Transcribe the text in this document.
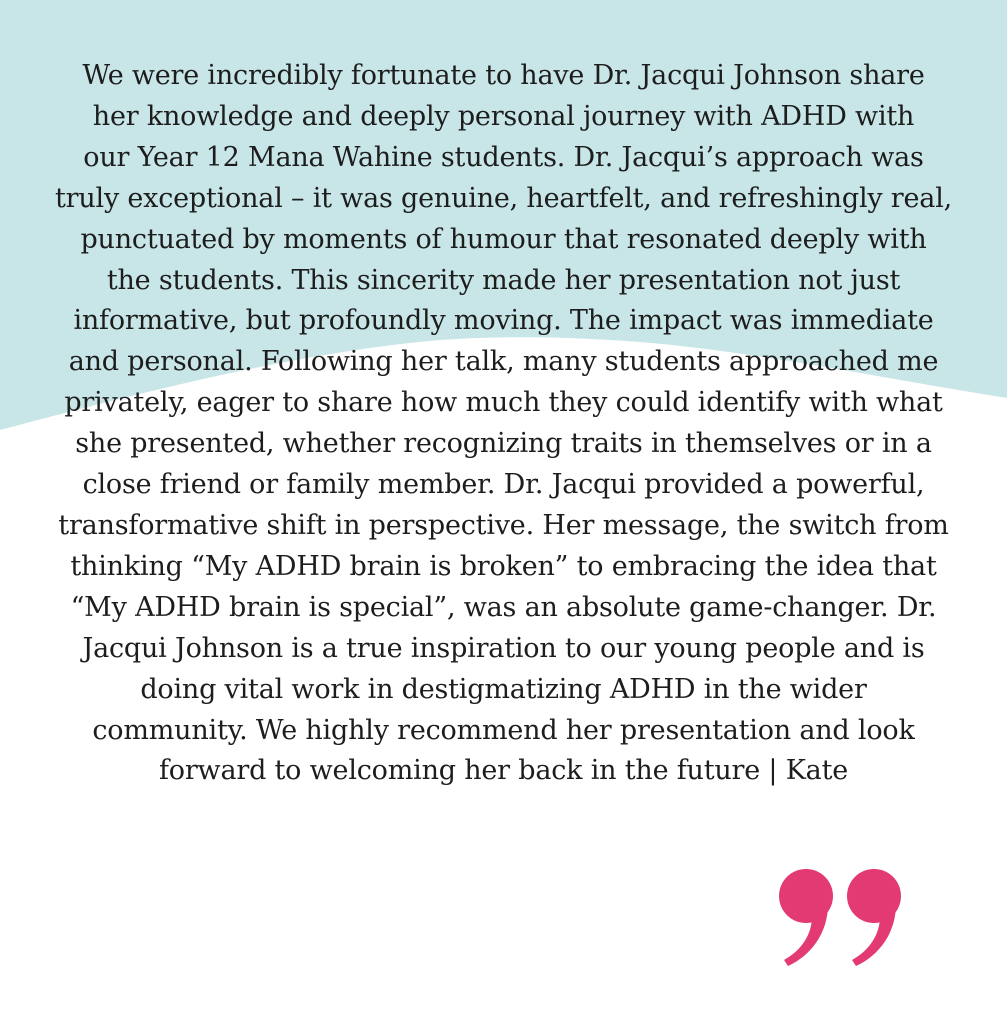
We were incredibly fortunate to have Dr. Jacqui Johnson share
her knowledge and deeply personal journey with ADHD with
our Year 12 Mana Wahine students. Dr. Jacqui’s approach was
truly exceptional – it was genuine, heartfelt, and refreshingly real,
punctuated by moments of humour that resonated deeply with
the students. This sincerity made her presentation not just
informative, but profoundly moving. The impact was immediate
and personal. Following her talk, many students approached me
privately, eager to share how much they could identify with what
she presented, whether recognizing traits in themselves or in a
close friend or family member. Dr. Jacqui provided a powerful,
transformative shift in perspective. Her message, the switch from
thinking “My ADHD brain is broken” to embracing the idea that
“My ADHD brain is special”, was an absolute game-changer. Dr.
Jacqui Johnson is a true inspiration to our young people and is
doing vital work in destigmatizing ADHD in the wider
community. We highly recommend her presentation and look
forward to welcoming her back in the future | Kate
